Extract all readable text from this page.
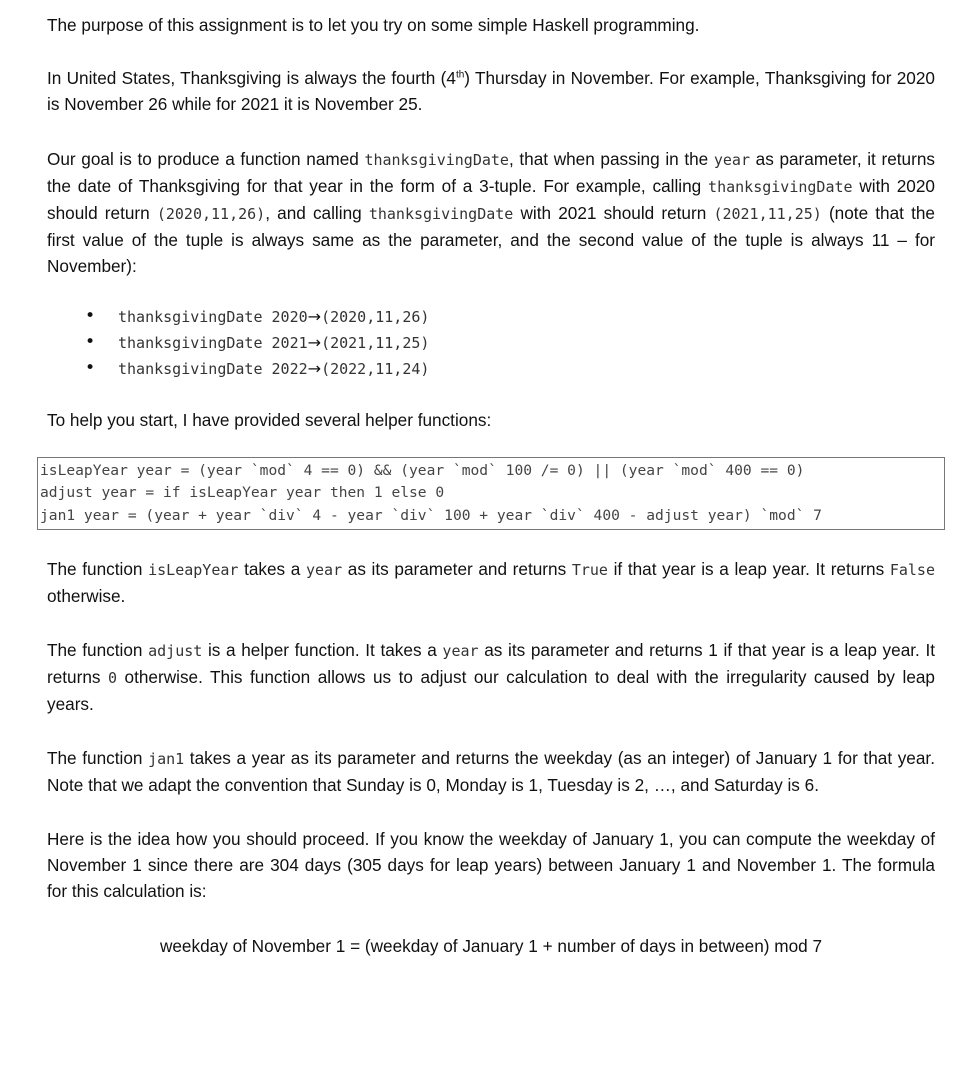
The purpose of this assignment is to let you try on some simple Haskell programming.

In United States, Thanksgiving is always the fourth (4th) Thursday in November. For example, Thanksgiving for 2020 is November 26 while for 2021 it is November 25.

Our goal is to produce a function named thanksgivingDate, that when passing in the year as parameter, it returns the date of Thanksgiving for that year in the form of a 3-tuple. For example, calling thanksgivingDate with 2020 should return (2020,11,26), and calling thanksgivingDate with 2021 should return (2021,11,25) (note that the first value of the tuple is always same as the parameter, and the second value of the tuple is always 11 – for November):

• thanksgivingDate 2020→(2020,11,26)
• thanksgivingDate 2021→(2021,11,25)
• thanksgivingDate 2022→(2022,11,24)

To help you start, I have provided several helper functions:

isLeapYear year = (year `mod` 4 == 0) && (year `mod` 100 /= 0) || (year `mod` 400 == 0)
adjust year = if isLeapYear year then 1 else 0
jan1 year = (year + year `div` 4 - year `div` 100 + year `div` 400 - adjust year) `mod` 7

The function isLeapYear takes a year as its parameter and returns True if that year is a leap year. It returns False otherwise.

The function adjust is a helper function. It takes a year as its parameter and returns 1 if that year is a leap year. It returns 0 otherwise. This function allows us to adjust our calculation to deal with the irregularity caused by leap years.

The function jan1 takes a year as its parameter and returns the weekday (as an integer) of January 1 for that year. Note that we adapt the convention that Sunday is 0, Monday is 1, Tuesday is 2, …, and Saturday is 6.

Here is the idea how you should proceed. If you know the weekday of January 1, you can compute the weekday of November 1 since there are 304 days (305 days for leap years) between January 1 and November 1. The formula for this calculation is:

weekday of November 1 = (weekday of January 1 + number of days in between) mod 7
